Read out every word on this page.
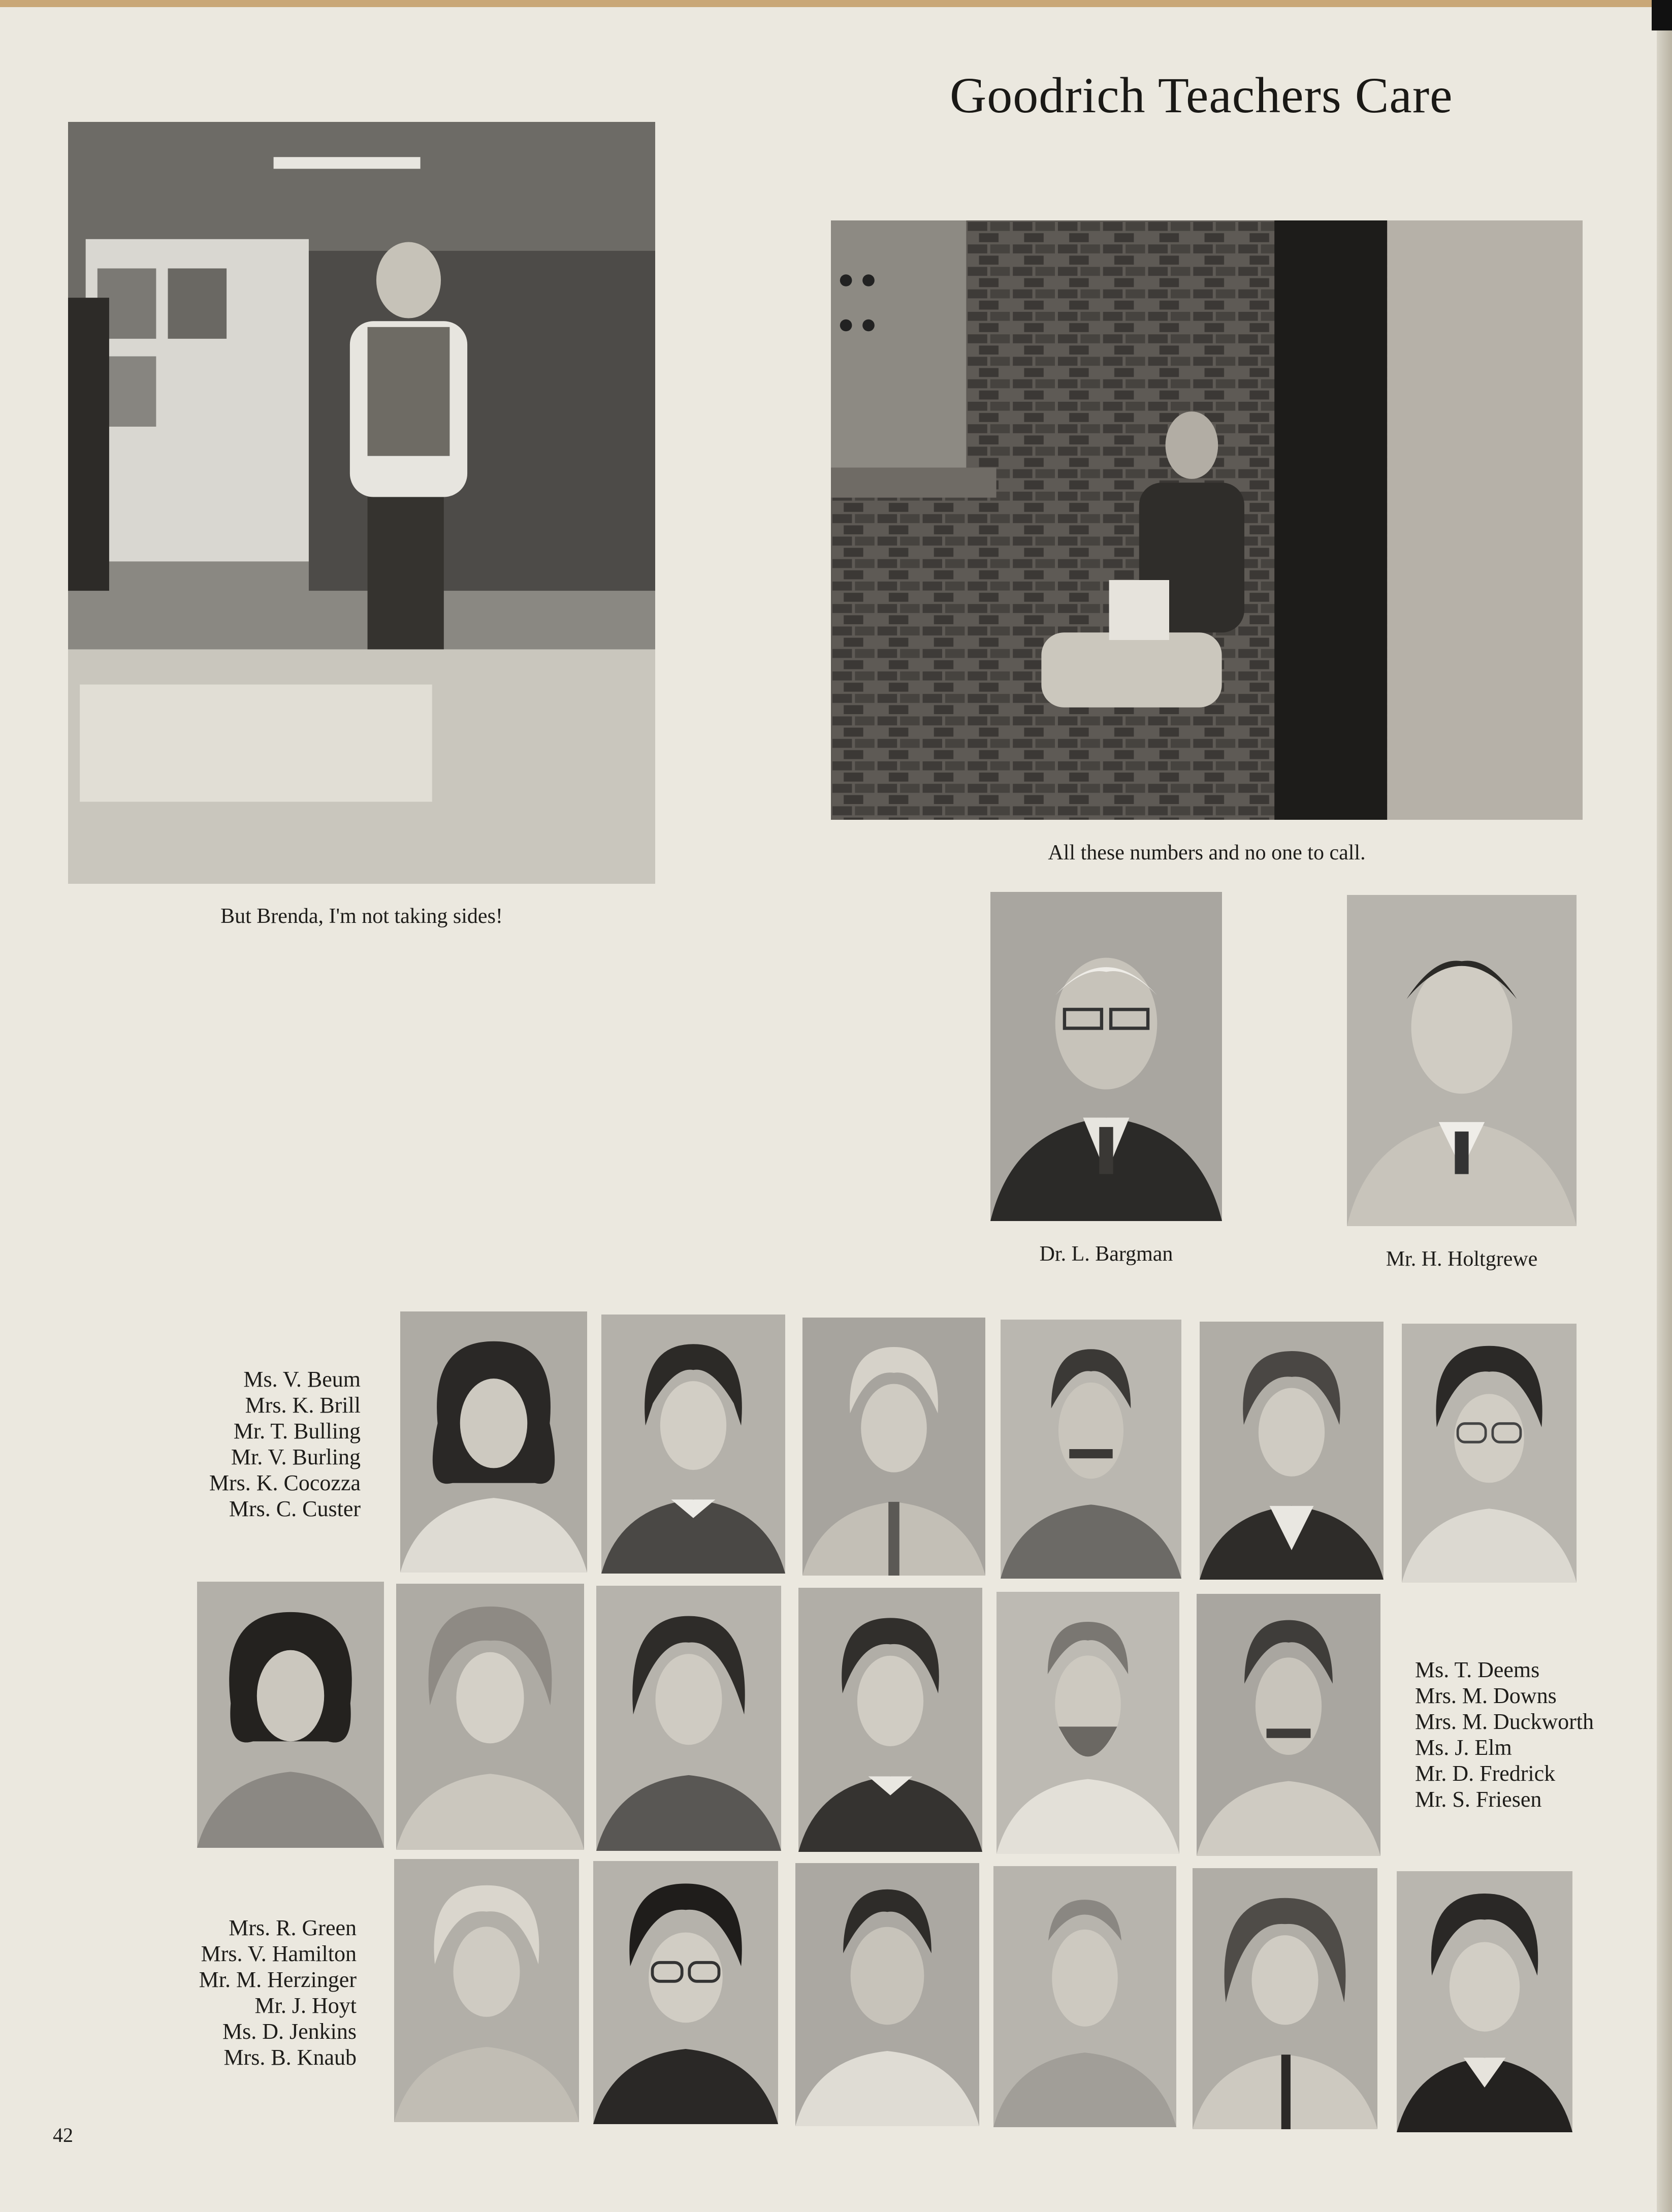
Goodrich Teachers Care
But Brenda, I'm not taking sides!
All these numbers and no one to call.
Dr. L. Bargman	Mr. H. Holtgrewe
Ms. V. Beum
Mrs. K. Brill
Mr. T. Bulling
Mr. V. Burling
Mrs. K. Cocozza
Mrs. C. Custer
Ms. T. Deems
Mrs. M. Downs
Mrs. M. Duckworth
Ms. J. Elm
Mr. D. Fredrick
Mr. S. Friesen
Mrs. R. Green
Mrs. V. Hamilton
Mr. M. Herzinger
Mr. J. Hoyt
Ms. D. Jenkins
Mrs. B. Knaub
42
